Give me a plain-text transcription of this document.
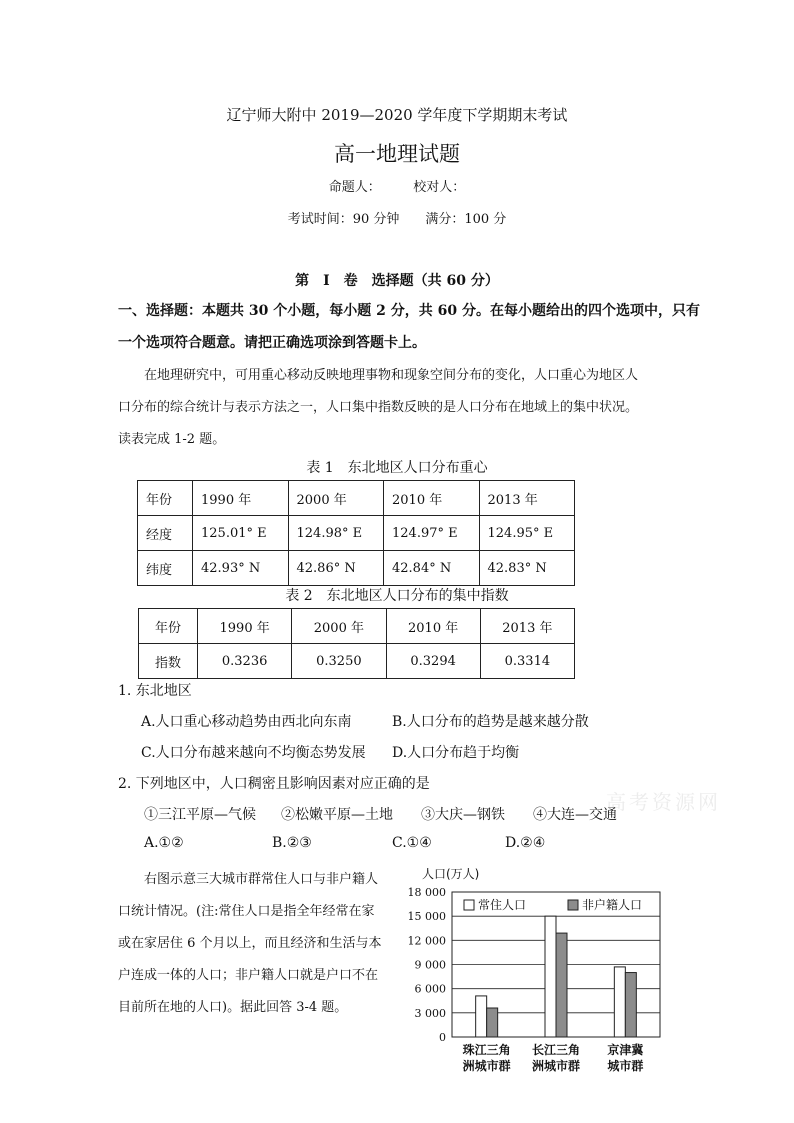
辽宁师大附中 2019—2020 学年度下学期期末考试
高一地理试题
命题人：　　　校对人：
考试时间：90 分钟　　满分：100 分
第　Ⅰ　卷　选择题（共 60 分）
一、选择题：本题共 30 个小题，每小题 2 分，共 60 分。在每小题给出的四个选项中，只有
一个选项符合题意。请把正确选项涂到答题卡上。
在地理研究中，可用重心移动反映地理事物和现象空间分布的变化，人口重心为地区人
口分布的综合统计与表示方法之一，人口集中指数反映的是人口分布在地域上的集中状况。
读表完成 1-2 题。
表 1　东北地区人口分布重心
年份	1990 年	2000 年	2010 年	2013 年
经度	125.01° E	124.98° E	124.97° E	124.95° E
纬度	42.93° N	42.86° N	42.84° N	42.83° N
表 2　东北地区人口分布的集中指数
年份	1990 年	2000 年	2010 年	2013 年
指数	0.3236	0.3250	0.3294	0.3314
1. 东北地区
A.人口重心移动趋势由西北向东南	B.人口分布的趋势是越来越分散
C.人口分布越来越向不均衡态势发展 D.人口分布趋于均衡
2. 下列地区中，人口稠密且影响因素对应正确的是
高考资源网
①三江平原—气候 ②松嫩平原—土地 ③大庆—钢铁 ④大连—交通
A.①②	B.②③	C.①④	D.②④
右图示意三大城市群常住人口与非户籍人
口统计情况。(注:常住人口是指全年经常在家
或在家居住 6 个月以上，而且经济和生活与本
户连成一体的人口；非户籍人口就是户口不在
目前所在地的人口)。据此回答 3-4 题。
人口(万人)
0
3 000
6 000
9 000
12 000
15 000
18 000
珠江三角
洲城市群
长江三角
洲城市群
京津冀
城市群
常住人口	非户籍人口
